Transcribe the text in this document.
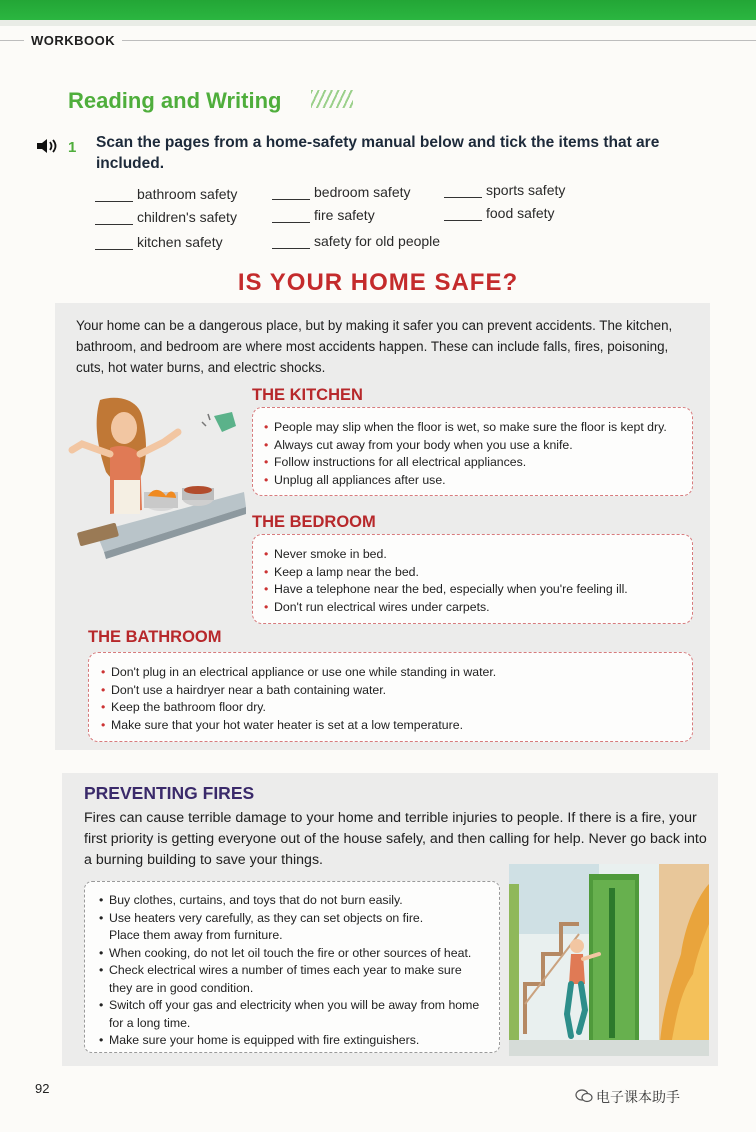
WORKBOOK
Reading and Writing
1 Scan the pages from a home-safety manual below and tick the items that are included.
bathroom safety	bedroom safety	sports safety
children's safety	fire safety	food safety
kitchen safety	safety for old people
IS YOUR HOME SAFE?
Your home can be a dangerous place, but by making it safer you can prevent accidents. The kitchen, bathroom, and bedroom are where most accidents happen. These can include falls, fires, poisoning, cuts, hot water burns, and electric shocks.
THE KITCHEN
• People may slip when the floor is wet, so make sure the floor is kept dry.
• Always cut away from your body when you use a knife.
• Follow instructions for all electrical appliances.
• Unplug all appliances after use.
THE BEDROOM
• Never smoke in bed.
• Keep a lamp near the bed.
• Have a telephone near the bed, especially when you're feeling ill.
• Don't run electrical wires under carpets.
THE BATHROOM
• Don't plug in an electrical appliance or use one while standing in water.
• Don't use a hairdryer near a bath containing water.
• Keep the bathroom floor dry.
• Make sure that your hot water heater is set at a low temperature.
PREVENTING FIRES
Fires can cause terrible damage to your home and terrible injuries to people. If there is a fire, your first priority is getting everyone out of the house safely, and then calling for help. Never go back into a burning building to save your things.
• Buy clothes, curtains, and toys that do not burn easily.
• Use heaters very carefully, as they can set objects on fire.
Place them away from furniture.
• When cooking, do not let oil touch the fire or other sources of heat.
• Check electrical wires a number of times each year to make sure
they are in good condition.
• Switch off your gas and electricity when you will be away from home
for a long time.
• Make sure your home is equipped with fire extinguishers.
92
电子课本助手
